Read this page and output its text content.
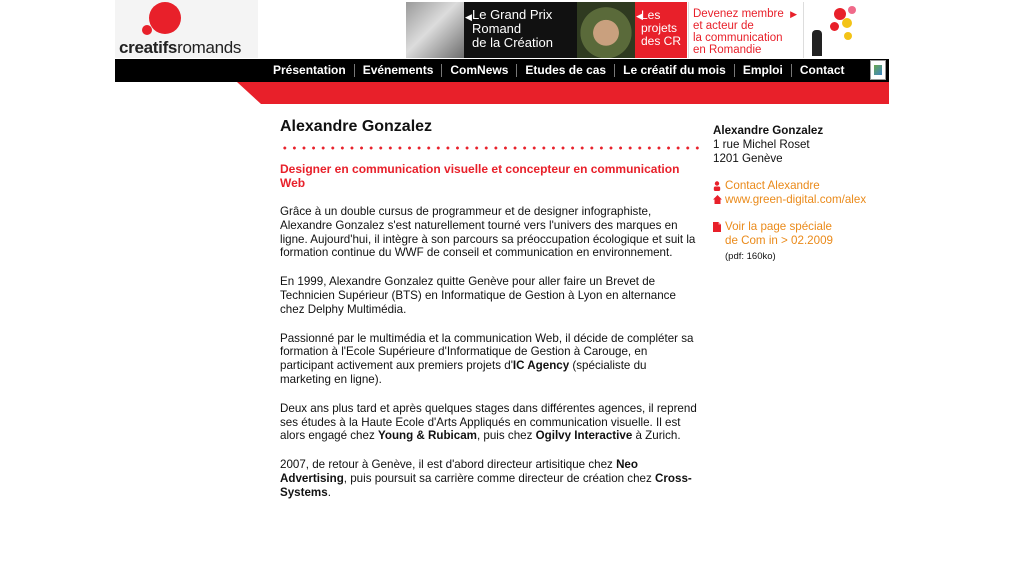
creatifsromands
◀ Le Grand Prix
Romand
de la Création
◀
Les
projets
des CR
▶
Devenez membre
et acteur de
la communication
en Romandie
Présentation	Evénements	ComNews	Etudes de cas	Le créatif du mois	Emploi	Contact
Alexandre Gonzalez
Designer en communication visuelle et concepteur en communication Web

Grâce à un double cursus de programmeur et de designer infographiste, Alexandre Gonzalez s'est naturellement tourné vers l'univers des marques en ligne. Aujourd'hui, il intègre à son parcours sa préoccupation écologique et suit la formation continue du WWF de conseil et communication en environnement.

En 1999, Alexandre Gonzalez quitte Genève pour aller faire un Brevet de Technicien Supérieur (BTS) en Informatique de Gestion à Lyon en alternance chez Delphy Multimédia.

Passionné par le multimédia et la communication Web, il décide de compléter sa formation à l'Ecole Supérieure d'Informatique de Gestion à Carouge, en participant activement aux premiers projets d'IC Agency (spécialiste du marketing en ligne).

Deux ans plus tard et après quelques stages dans différentes agences, il reprend ses études à la Haute Ecole d'Arts Appliqués en communication visuelle. Il est alors engagé chez Young & Rubicam, puis chez Ogilvy Interactive à Zurich.

2007, de retour à Genève, il est d'abord directeur artisitique chez Neo Advertising, puis poursuit sa carrière comme directeur de création chez Cross-Systems.

Alexandre Gonzalez
1 rue Michel Roset
1201 Genève
Contact Alexandre
www.green-digital.com/alex
Voir la page spéciale
de Com in > 02.2009
(pdf: 160ko)
